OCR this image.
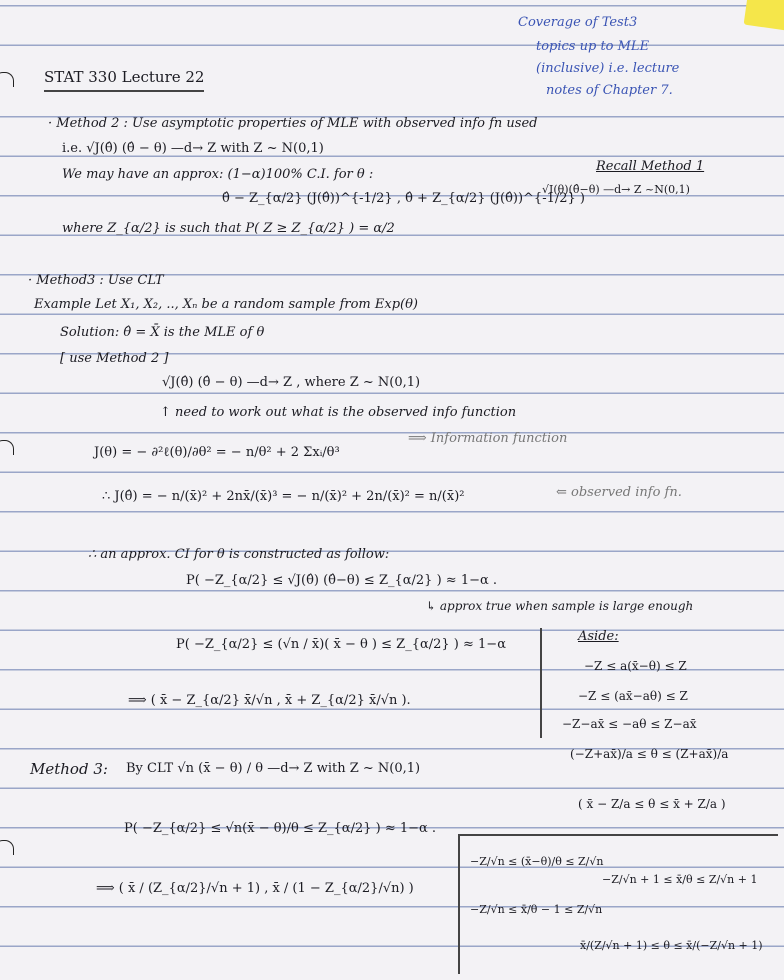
STAT 330 Lecture 22
Coverage of Test3
topics up to MLE
(inclusive) i.e. lecture
notes of Chapter 7.
· Method 2 : Use asymptotic properties of MLE with observed info fn used
i.e. √J(θ̂) (θ̂ − θ) —d→ Z with Z ~ N(0,1)
We may have an approx: (1−α)100% C.I. for θ :
Recall Method 1
√I(θ)(θ̂−θ) —d→ Z ~N(0,1)
θ̂ − Z_{α/2} (J(θ̂))^{-1/2} , θ̂ + Z_{α/2} (J(θ̂))^{-1/2} )
where Z_{α/2} is such that P( Z ≥ Z_{α/2} ) = α/2
· Method3 : Use CLT
Example Let X₁, X₂, .., Xₙ be a random sample from Exp(θ)
Solution: θ̂ = X̄ is the MLE of θ
[ use Method 2 ]
√J(θ̂) (θ̂ − θ) —d→ Z , where Z ~ N(0,1)
↑ need to work out what is the observed info function
J(θ) = − ∂²ℓ(θ)/∂θ² = − n/θ² + 2 Σxᵢ/θ³
⟹ Information function
∴ J(θ̂) = − n/(x̄)² + 2nx̄/(x̄)³ = − n/(x̄)² + 2n/(x̄)² = n/(x̄)²	⇐ observed info fn.
∴ an approx. CI for θ is constructed as follow:
P( −Z_{α/2} ≤ √J(θ̂) (θ̂−θ) ≤ Z_{α/2} ) ≈ 1−α .
↳ approx true when sample is large enough
P( −Z_{α/2} ≤ (√n / x̄)( x̄ − θ ) ≤ Z_{α/2} ) ≈ 1−α
⟹ ( x̄ − Z_{α/2} x̄/√n , x̄ + Z_{α/2} x̄/√n ).
Aside:
−Z ≤ a(x̄−θ) ≤ Z
−Z ≤ (ax̄−aθ) ≤ Z
−Z−ax̄ ≤ −aθ ≤ Z−ax̄
(−Z+ax̄)/a ≤ θ ≤ (Z+ax̄)/a
( x̄ − Z/a ≤ θ ≤ x̄ + Z/a )
Method 3: By CLT √n (x̄ − θ) / θ —d→ Z with Z ~ N(0,1)
P( −Z_{α/2} ≤ √n(x̄ − θ)/θ ≤ Z_{α/2} ) ≈ 1−α .
⟹ ( x̄ / (Z_{α/2}/√n + 1) , x̄ / (1 − Z_{α/2}/√n) )
−Z/√n ≤ (x̄−θ)/θ ≤ Z/√n
−Z/√n ≤ x̄/θ − 1 ≤ Z/√n
−Z/√n + 1 ≤ x̄/θ ≤ Z/√n + 1
x̄/(Z/√n + 1) ≤ θ ≤ x̄/(−Z/√n + 1)
